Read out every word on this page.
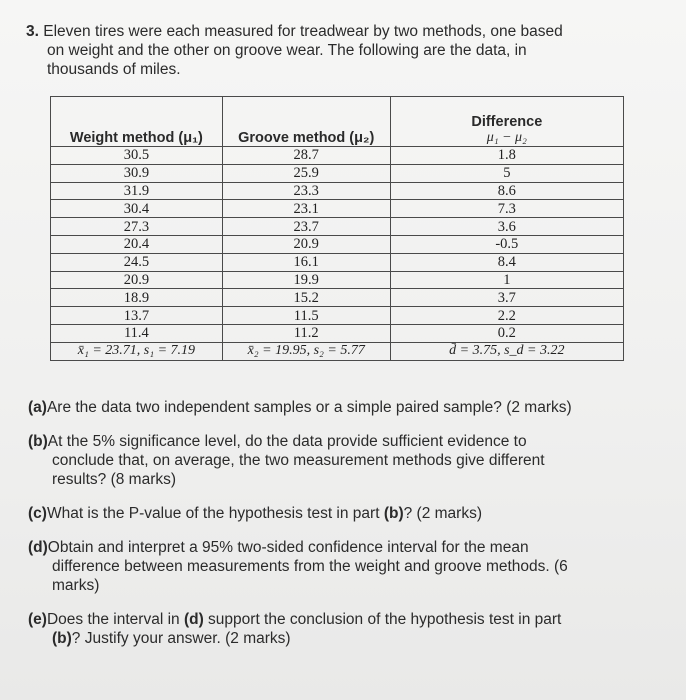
3. Eleven tires were each measured for treadwear by two methods, one based
on weight and the other on groove wear. The following are the data, in
thousands of miles.
Weight method (μ₁)	Groove method (μ₂)	Difference
μ₁ − μ₂

30.5	28.7	1.8
30.9	25.9	5
31.9	23.3	8.6
30.4	23.1	7.3
27.3	23.7	3.6
20.4	20.9	-0.5
24.5	16.1	8.4
20.9	19.9	1
18.9	15.2	3.7
13.7	11.5	2.2
11.4	11.2	0.2
x̄₁ = 23.71, s₁ = 7.19	x̄₂ = 19.95, s₂ = 5.77	d̄ = 3.75, s_d = 3.22
(a)Are the data two independent samples or a simple paired sample? (2 marks)
(b)At the 5% significance level, do the data provide sufficient evidence to
conclude that, on average, the two measurement methods give different
results? (8 marks)
(c)What is the P-value of the hypothesis test in part (b)? (2 marks)
(d)Obtain and interpret a 95% two-sided confidence interval for the mean
difference between measurements from the weight and groove methods. (6
marks)
(e)Does the interval in (d) support the conclusion of the hypothesis test in part
(b)? Justify your answer. (2 marks)
